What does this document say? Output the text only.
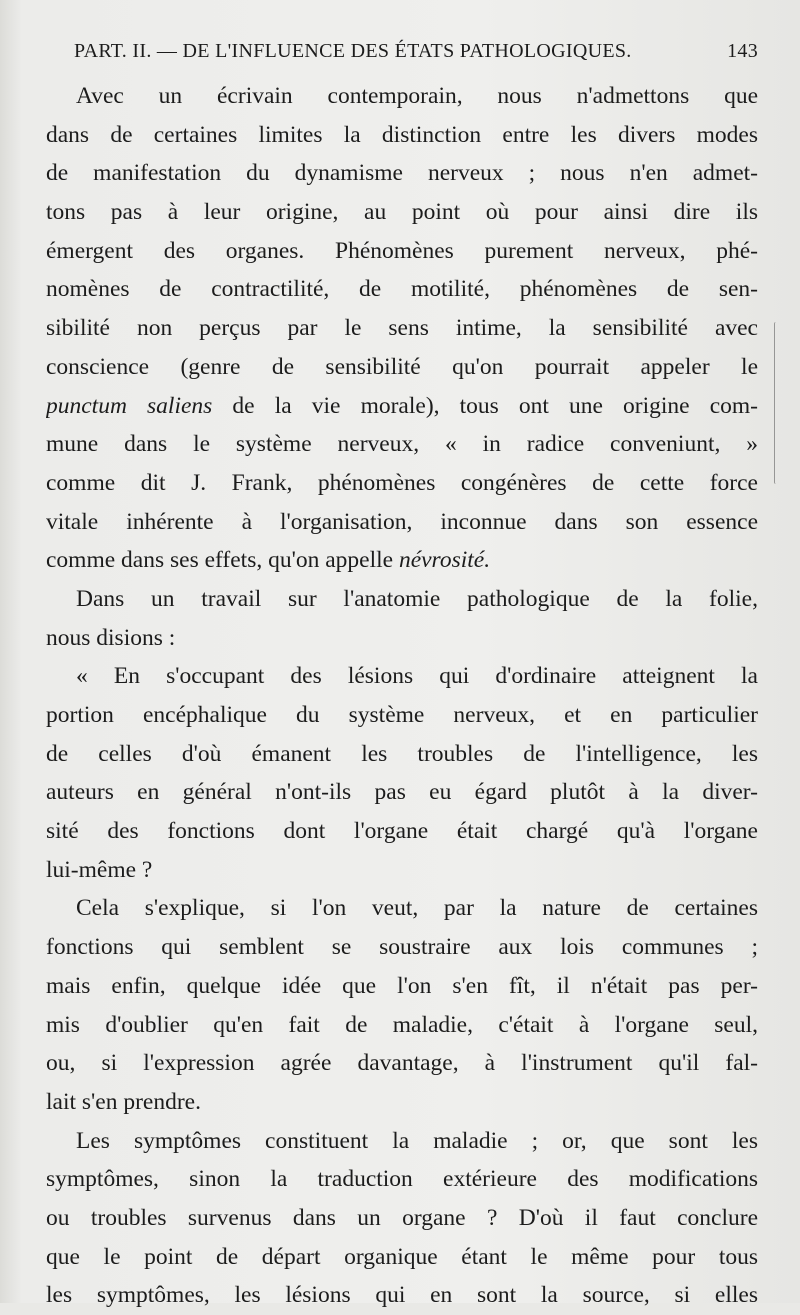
PART. II. — DE L'INFLUENCE DES ÉTATS PATHOLOGIQUES.	143
Avec un écrivain contemporain, nous n'admettons que
dans de certaines limites la distinction entre les divers modes
de manifestation du dynamisme nerveux ; nous n'en admet-
tons pas à leur origine, au point où pour ainsi dire ils
émergent des organes. Phénomènes purement nerveux, phé-
nomènes de contractilité, de motilité, phénomènes de sen-
sibilité non perçus par le sens intime, la sensibilité avec
conscience (genre de sensibilité qu'on pourrait appeler le
punctum saliens de la vie morale), tous ont une origine com-
mune dans le système nerveux, « in radice conveniunt, »
comme dit J. Frank, phénomènes congénères de cette force
vitale inhérente à l'organisation, inconnue dans son essence
comme dans ses effets, qu'on appelle névrosité.
Dans un travail sur l'anatomie pathologique de la folie,
nous disions :
« En s'occupant des lésions qui d'ordinaire atteignent la
portion encéphalique du système nerveux, et en particulier
de celles d'où émanent les troubles de l'intelligence, les
auteurs en général n'ont-ils pas eu égard plutôt à la diver-
sité des fonctions dont l'organe était chargé qu'à l'organe
lui-même ?
Cela s'explique, si l'on veut, par la nature de certaines
fonctions qui semblent se soustraire aux lois communes ;
mais enfin, quelque idée que l'on s'en fît, il n'était pas per-
mis d'oublier qu'en fait de maladie, c'était à l'organe seul,
ou, si l'expression agrée davantage, à l'instrument qu'il fal-
lait s'en prendre.
Les symptômes constituent la maladie ; or, que sont les
symptômes, sinon la traduction extérieure des modifications
ou troubles survenus dans un organe ? D'où il faut conclure
que le point de départ organique étant le même pour tous
les symptômes, les lésions qui en sont la source, si elles
